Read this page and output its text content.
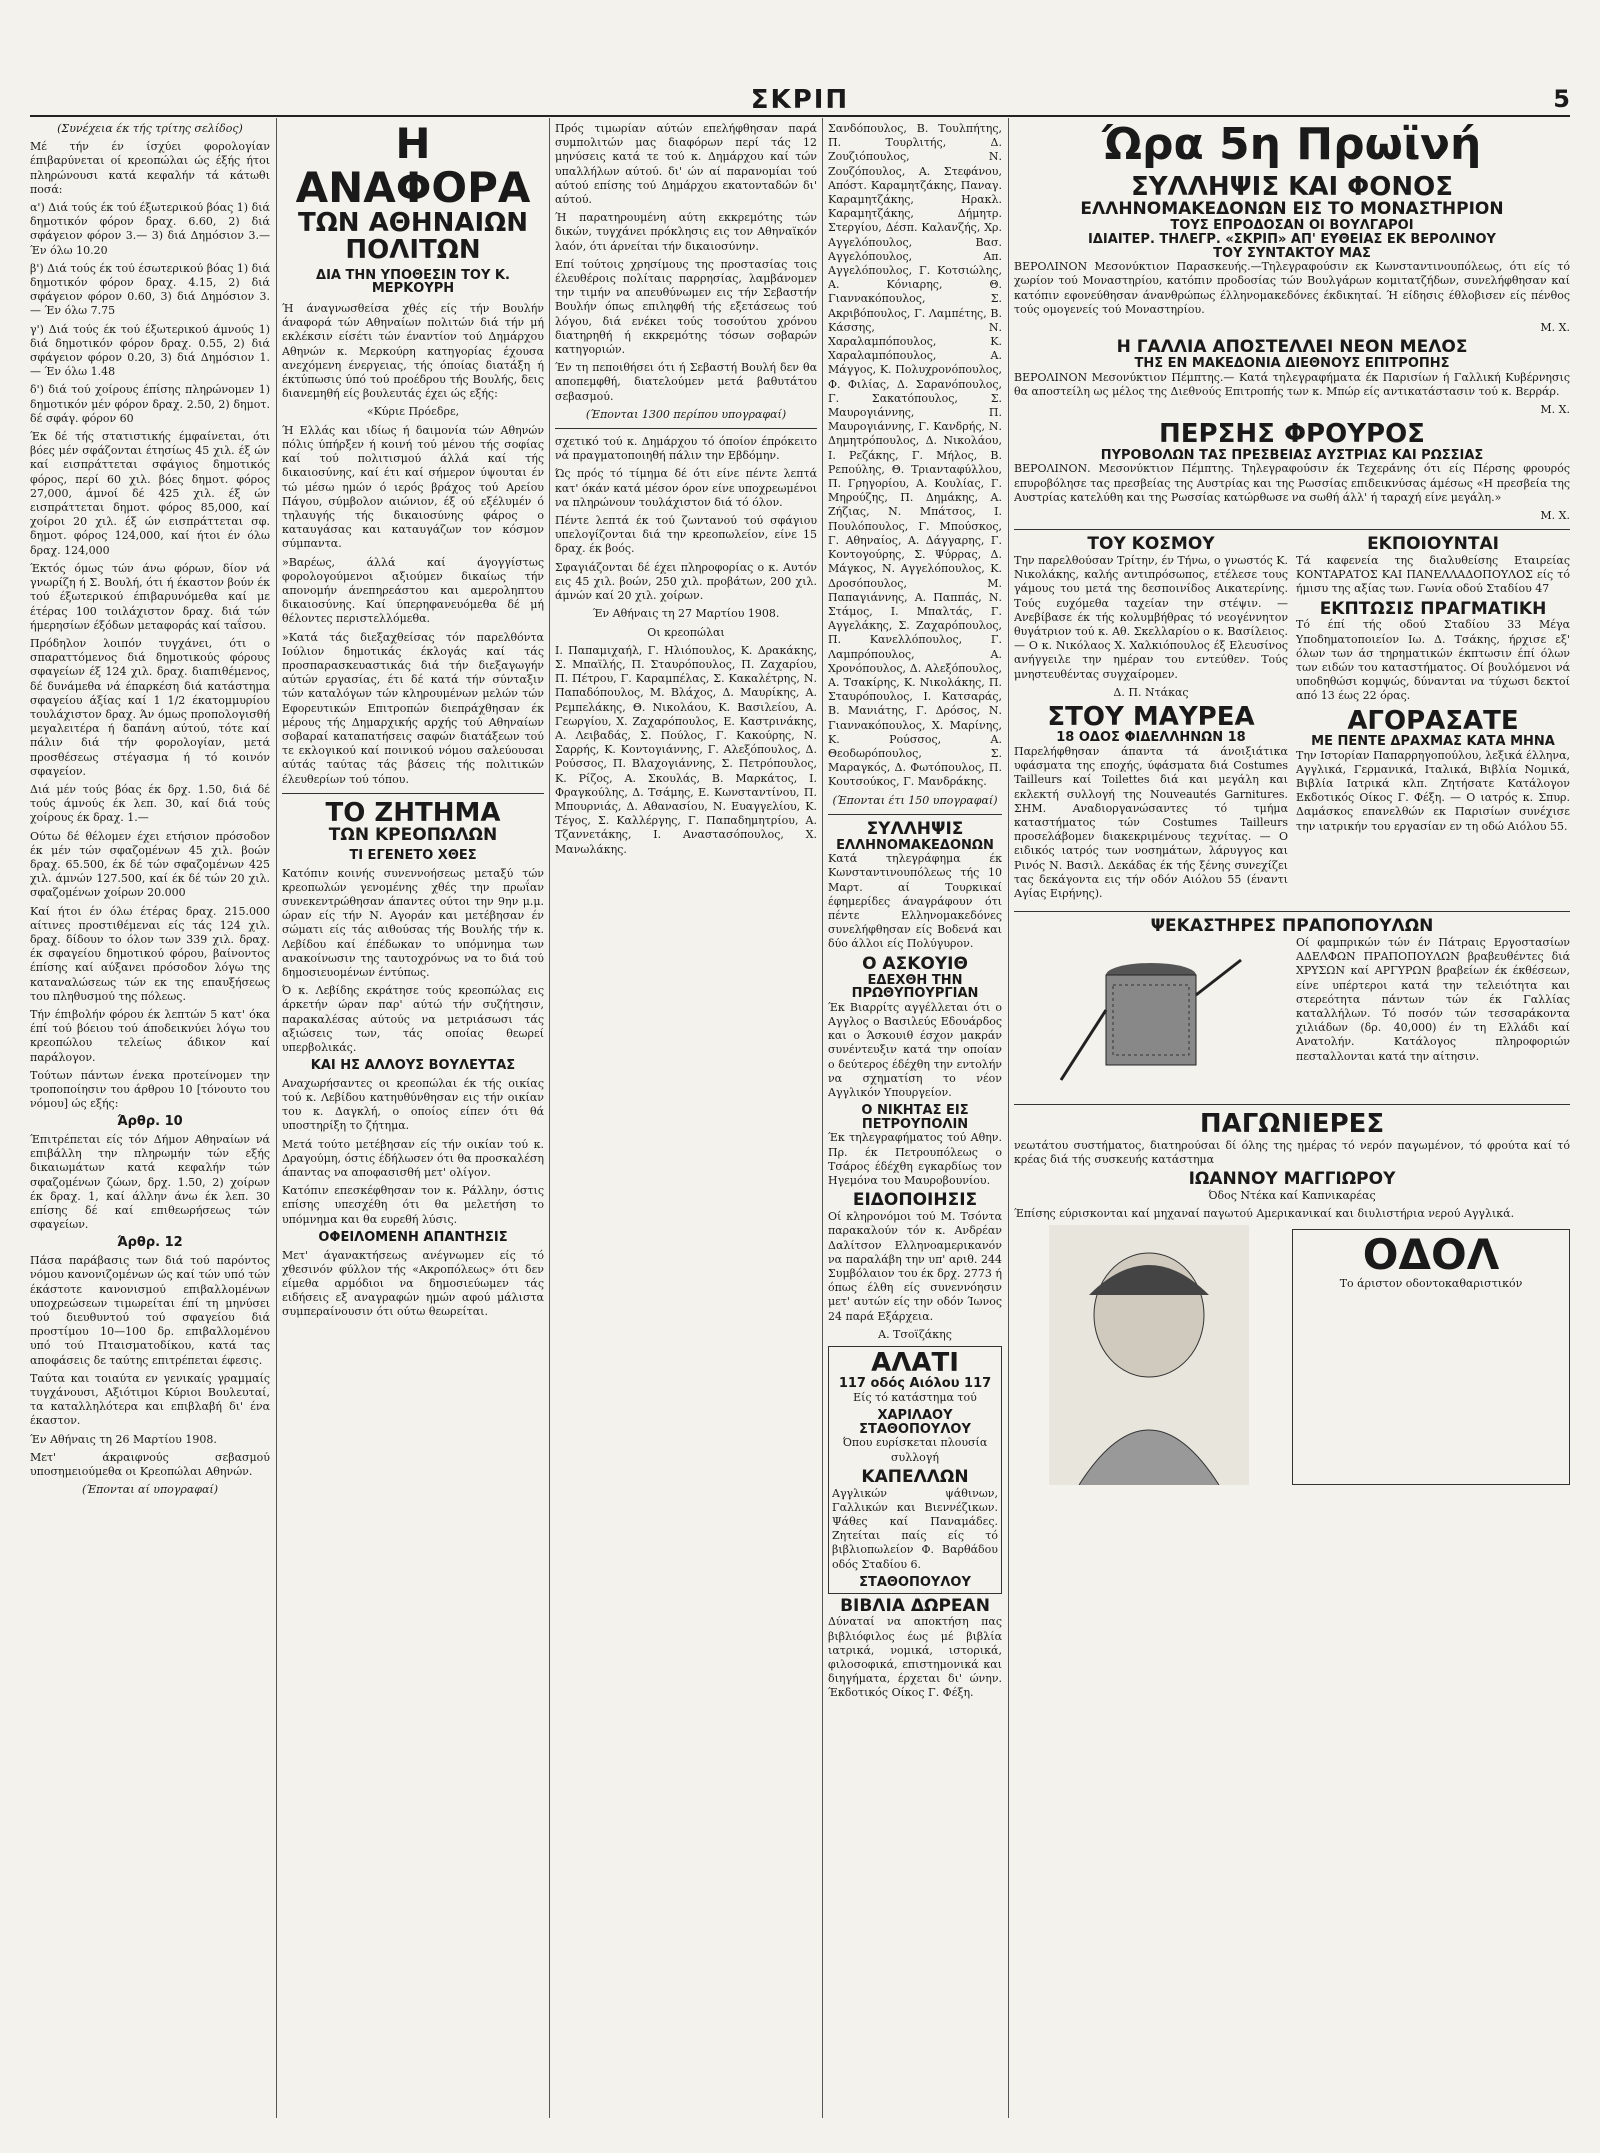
ΣΚΡΙΠ	5

(Συνέχεια έκ τής τρίτης σελίδος)

Μέ τήν έν ίσχύει φορολογίαν έπιβαρύνεται οί κρεοπώλαι ώς έξής ήτοι πληρώνουσι κατά κεφαλήν τά κάτωθι ποσά:

α') Διά τούς έκ τού έξωτερικού βόας 1) διά δημοτικόν φόρον δραχ. 6.60, 2) διά σφάγειον φόρον 3.— 3) διά Δημόσιον 3.— Έν όλω 10.20

β') Διά τούς έκ τού έσωτερικού βόας 1) διά δημοτικόν φόρον δραχ. 4.15, 2) διά σφάγειον φόρον 0.60, 3) διά Δημόσιον 3.— Έν όλω 7.75

γ') Διά τούς έκ τού έξωτερικού άμνούς 1) διά δημοτικόν φόρον δραχ. 0.55, 2) διά σφάγειον φόρον 0.20, 3) διά Δημόσιον 1.— Έν όλω 1.48

δ') διά τού χοίρους έπίσης πληρώνομεν 1) δημοτικόν μέν φόρον δραχ. 2.50, 2) δημοτ. δέ σφάγ. φόρον 60

Έκ δέ τής στατιστικής έμφαίνεται, ότι βόες μέν σφάζονται έτησίως 45 χιλ. έξ ών καί εισπράττεται σφάγιος δημοτικός φόρος, περί 60 χιλ. βόες δημοτ. φόρος 27,000, άμνοί δέ 425 χιλ. έξ ών εισπράττεται δημοτ. φόρος 85,000, καί χοίροι 20 χιλ. έξ ών εισπράττεται σφ. δημοτ. φόρος 124,000, καί ήτοι έν όλω δραχ. 124,000

Έκτός όμως τών άνω φόρων, δίον νά γνωρίζη ή Σ. Βουλή, ότι ή έκαστον βούν έκ τού έξωτερικού έπιβαρυνόμεθα καί με έτέρας 100 τοιλάχιστον δραχ. διά τών ήμερησίων έξόδων μεταφοράς καί ταΐσου.

Πρόδηλον λοιπόν τυγχάνει, ότι ο σπαραττόμενος διά δημοτικούς φόρους σφαγείων έξ 124 χιλ. δραχ. διαπιθέμενος, δέ δυνάμεθα νά έπαρκέση διά κατάστημα σφαγείου άξίας καί 1 1/2 έκατομμυρίου τουλάχιστον δραχ. Άν όμως προπολογισθή μεγαλειτέρα ή δαπάνη αύτού, τότε καί πάλιν διά τήν φορολογίαν, μετά προσθέσεως στέγασμα ή τό κοινόν σφαγείον.

Διά μέν τούς βόας έκ δρχ. 1.50, διά δέ τούς άμνούς έκ λεπ. 30, καί διά τούς χοίρους έκ δραχ. 1.—

Ούτω δέ θέλομεν έχει ετήσιον πρόσοδον έκ μέν τών σφαζομένων 45 χιλ. βοών δραχ. 65.500, έκ δέ τών σφαζομένων 425 χιλ. άμνών 127.500, καί έκ δέ τών 20 χιλ. σφαζομένων χοίρων 20.000

Καί ήτοι έν όλω έτέρας δραχ. 215.000 αίτινες προστιθέμεναι είς τάς 124 χιλ. δραχ. δίδουν το όλον των 339 χιλ. δραχ. έκ σφαγείου δημοτικού φόρου, βαίνοντος έπίσης καί αύξανει πρόσοδον λόγω της καταναλώσεως τών εκ της επαυξήσεως του πληθυσμού της πόλεως.

Τήν έπιβολήν φόρου έκ λεπτών 5 κατ' όκα έπί τού βόειου τού άποδεικνύει λόγω του κρεοπώλου τελείως άδικον καί παράλογον.

Τούτων πάντων ένεκα προτείνομεν την τροποποίησιν του άρθρου 10 [τόνουτο του νόμου] ώς εξής:

Άρθρ. 10

Έπιτρέπεται είς τόν Δήμον Αθηναίων νά επιβάλλη την πληρωμήν τών εξής δικαιωμάτων κατά κεφαλήν τών σφαζομένων ζώων, δρχ. 1.50, 2) χοίρων έκ δραχ. 1, καί άλλην άνω έκ λεπ. 30 επίσης δέ καί επιθεωρήσεως τών σφαγείων.

Άρθρ. 12

Πάσα παράβασις των διά τού παρόντος νόμου κανονιζομένων ώς καί τών υπό τών έκάστοτε κανονισμού επιβαλλομένων υποχρεώσεων τιμωρείται έπί τη μηνύσει τού διευθυντού τού σφαγείου διά προστίμου 10—100 δρ. επιβαλλομένου υπό τού Πταισματοδίκου, κατά τας αποφάσεις δε ταύτης επιτρέπεται έφεσις.

Ταύτα και τοιαύτα εν γενικαίς γραμμαίς τυγχάνουσι, Αξιότιμοι Κύριοι Βουλευταί, τα καταλληλότερα και επιβλαβή δι' ένα έκαστον.

Έν Αθήναις τη 26 Μαρτίου 1908.

Μετ' άκραιφνούς σεβασμού υποσημειούμεθα οι Κρεοπώλαι Αθηνών.

(Έπονται αί υπογραφαί)

Η ΑΝΑΦΟΡΑ
ΤΩΝ ΑΘΗΝΑΙΩΝ ΠΟΛΙΤΩΝ
ΔΙΑ ΤΗΝ ΥΠΟΘΕΣΙΝ ΤΟΥ Κ. ΜΕΡΚΟΥΡΗ

Ή άναγνωσθείσα χθές είς τήν Βουλήν άναφορά τών Αθηναίων πολιτών διά τήν μή εκλέκσιν είσέτι τών έναντίον τού Δημάρχου Αθηνών κ. Μερκούρη κατηγορίας έχουσα ανεχόμενη ένεργειας, τής όποίας διατάξη ή έκτύπωσις ύπό τού προέδρου τής Βουλής, δεις διανεμηθή είς βουλευτάς έχει ώς εξής:

«Κύριε Πρόεδρε,

Ή Ελλάς και ιδίως ή δαιμονία τών Αθηνών πόλις ύπήρξεν ή κοινή τού μένου τής σοφίας καί τού πολιτισμού άλλά καί τής δικαιοσύνης, καί έτι καί σήμερον ύψουται έν τώ μέσω ημών ό ιερός βράχος τού Αρείου Πάγου, σύμβολον αιώνιον, έξ ού εξέλυμέν ό τηλαυγής τής δικαιοσύνης φάρος ο καταυγάσας και καταυγάζων τον κόσμον σύμπαντα.

»Βαρέως, άλλά καί άγογγίστως φορολογούμενοι αξιούμεν δικαίως τήν απονομήν άνεπηρεάστου και αμεροληπτου δικαιοσύνης. Καί ύπερηφανευόμεθα δέ μή θέλοντες περιστελλόμεθα.

»Κατά τάς διεξαχθείσας τόν παρελθόντα Ιούλιον δημοτικάς έκλογάς καί τάς προσπαρασκευαστικάς διά τήν διεξαγωγήν αύτών εργασίας, έτι δέ κατά τήν σύνταξιν τών καταλόγων τών κληρουμένων μελών τών Εφορευτικών Επιτροπών διεπράχθησαν έκ μέρους τής Δημαρχικής αρχής τού Αθηναίων σοβαραί καταπατήσεις σαφών διατάξεων τού τε εκλογικού καί ποινικού νόμου σαλεύουσαι αύτάς ταύτας τάς βάσεις τής πολιτικών έλευθερίων τού τόπου.

ΤΟ ΖΗΤΗΜΑ
ΤΩΝ ΚΡΕΟΠΩΛΩΝ
ΤΙ ΕΓΕΝΕΤΟ ΧΘΕΣ

Κατόπιν κοινής συνεννοήσεως μεταξύ τών κρεοπωλών γενομένης χθές την πρωΐαν συνεκεντρώθησαν άπαντες ούτοι την 9ην μ.μ. ώραν είς τήν Ν. Αγοράν και μετέβησαν έν σώματι είς τάς αιθούσας τής Βουλής τήν κ. Λεβίδου καί έπέδωκαν το υπόμνημα των ανακοίνωσιν της ταυτοχρόνως να το διά τού δημοσιευομένων έντύπως.

Ό κ. Λεβίδης εκράτησε τούς κρεοπώλας εις άρκετήν ώραν παρ' αύτώ τήν συζήτησιν, παρακαλέσας αύτούς να μετριάσωσι τάς αξιώσεις των, τάς οποίας θεωρεί υπερβολικάς.

ΚΑΙ ΗΣ ΑΛΛΟΥΣ ΒΟΥΛΕΥΤΑΣ

Αναχωρήσαντες οι κρεοπώλαι έκ τής οικίας τού κ. Λεβίδου κατηυθύνθησαν εις τήν οικίαν του κ. Δαγκλή, ο οποίος είπεν ότι θά υποστηρίξη το ζήτημα.

Μετά τούτο μετέβησαν είς τήν οικίαν τού κ. Δραγούμη, όστις έδήλωσεν ότι θα προσκαλέση άπαντας να αποφασισθή μετ' ολίγον.

Κατόπιν επεσκέφθησαν τον κ. Ράλλην, όστις επίσης υπεσχέθη ότι θα μελετήση το υπόμνημα και θα ευρεθή λύσις.

ΟΦΕΙΛΟΜΕΝΗ ΑΠΑΝΤΗΣΙΣ

Μετ' άγανακτήσεως ανέγνωμεν είς τό χθεσινόν φύλλον τής «Ακροπόλεως» ότι δεν είμεθα αρμόδιοι να δημοσιεύωμεν τάς ειδήσεις εξ αναγραφών ημών αφού μάλιστα συμπεραίνουσιν ότι ούτω θεωρείται.

Πρός τιμωρίαν αύτών επελήφθησαν παρά συμπολιτών μας διαφόρων περί τάς 12 μηνύσεις κατά τε τού κ. Δημάρχου καί τών υπαλλήλων αύτού. δι' ών αί παρανομίαι τού αύτού επίσης τού Δημάρχου εκατονταδών δι' αύτού.

Ή παρατηρουμένη αύτη εκκρεμότης τών δικών, τυγχάνει πρόκλησις εις τον Αθηναϊκόν λαόν, ότι άρνείται τήν δικαιοσύνην.

Επί τούτοις χρησίμους της προστασίας τοις έλευθέροις πολίταις παρρησίας, λαμβάνομεν την τιμήν να απευθύνωμεν εις τήν Σεβαστήν Βουλήν όπως επιληφθή τής εξετάσεως τού λόγου, διά ενέκει τούς τοσούτου χρόνου διατηρηθή ή εκκρεμότης τόσων σοβαρών κατηγοριών.

Έν τη πεποιθήσει ότι ή Σεβαστή Βουλή δεν θα αποπεμφθή, διατελούμεν μετά βαθυτάτου σεβασμού.

(Έπονται 1300 περίπου υπογραφαί)

σχετικό τού κ. Δημάρχου τό όποίον έπρόκειτο νά πραγματοποιηθή πάλιν την Εβδόμην.

Ώς πρός τό τίμημα δέ ότι είνε πέντε λεπτά κατ' όκάν κατά μέσον όρον είνε υποχρεωμένοι να πληρώνουν τουλάχιστον διά τό όλον.

Πέντε λεπτά έκ τού ζωντανού τού σφάγιου υπελογίζονται διά την κρεοπωλείον, είνε 15 δραχ. έκ βοός.

Σφαγιάζονται δέ έχει πληροφορίας ο κ. Αυτόν εις 45 χιλ. βοών, 250 χιλ. προβάτων, 200 χιλ. άμνών καί 20 χιλ. χοίρων.

Έν Αθήναις τη 27 Μαρτίου 1908.

Οι κρεοπώλαι

Ι. Παπαμιχαήλ, Γ. Ηλιόπουλος, Κ. Δρακάκης, Σ. Μπαϊλής, Π. Σταυρόπουλος, Π. Ζαχαρίου, Π. Πέτρου, Γ. Καραμπέλας, Σ. Κακαλέτρης, Ν. Παπαδόπουλος, Μ. Βλάχος, Δ. Μαυρίκης, Α. Ρεμπελάκης, Θ. Νικολάου, Κ. Βασιλείου, Α. Γεωργίου, Χ. Ζαχαρόπουλος, Ε. Καστρινάκης, Α. Λειβαδάς, Σ. Πούλος, Γ. Κακούρης, Ν. Σαρρής, Κ. Κοντογιάννης, Γ. Αλεξόπουλος, Δ. Ρούσσος, Π. Βλαχογιάννης, Σ. Πετρόπουλος, Κ. Ρίζος, Α. Σκουλάς, Β. Μαρκάτος, Ι. Φραγκούλης, Δ. Τσάμης, Ε. Κωνσταντίνου, Π. Μπουρνιάς, Δ. Αθανασίου, Ν. Ευαγγελίου, Κ. Τέγος, Σ. Καλλέργης, Γ. Παπαδημητρίου, Α. Τζαννετάκης, Ι. Αναστασόπουλος, Χ. Μανωλάκης.

Σανδόπουλος, Β. Τουλπήτης, Π. Τουρλιτής, Δ. Ζουζιόπουλος, Ν. Ζουζόπουλος, Α. Στεφάνου, Απόστ. Καραμητζάκης, Παναγ. Καραμητζάκης, Ηρακλ. Καραμητζάκης, Δήμητρ. Στεργίου, Δέσπ. Καλανζής, Χρ. Αγγελόπουλος, Βασ. Αγγελόπουλος, Απ. Αγγελόπουλος, Γ. Κοτσιώλης, Α. Κόνιαρης, Θ. Γιαννακόπουλος, Σ. Ακριβόπουλος, Γ. Λαμπέτης, Β. Κάσσης, Ν. Χαραλαμπόπουλος, Κ. Χαραλαμπόπουλος, Α. Μάγγος, Κ. Πολυχρονόπουλος, Φ. Φιλίας, Δ. Σαρανόπουλος, Γ. Σακατόπουλος, Σ. Μαυρογιάννης, Π. Μαυρογιάννης, Γ. Κανδρής, Ν. Δημητρόπουλος, Δ. Νικολάου, Ι. Ρεζάκης, Γ. Μήλος, Β. Ρεπούλης, Θ. Τριανταφύλλου, Π. Γρηγορίου, Α. Κουλίας, Γ. Μηρούζης, Π. Δημάκης, Α. Ζήζιας, Ν. Μπάτσος, Ι. Πουλόπουλος, Γ. Μπούσκος, Γ. Αθηναίος, Α. Δάγγαρης, Γ. Κοντογούρης, Σ. Ψύρρας, Δ. Μάγκος, Ν. Αγγελόπουλος, Κ. Δροσόπουλος, Μ. Παπαγιάννης, Α. Παππάς, Ν. Στάμος, Ι. Μπαλτάς, Γ. Αγγελάκης, Σ. Ζαχαρόπουλος, Π. Κανελλόπουλος, Γ. Λαμπρόπουλος, Α. Χρονόπουλος, Δ. Αλεξόπουλος, Α. Τσακίρης, Κ. Νικολάκης, Π. Σταυρόπουλος, Ι. Κατσαράς, Β. Μανιάτης, Γ. Δρόσος, Ν. Γιαννακόπουλος, Χ. Μαρίνης, Κ. Ρούσσος, Α. Θεοδωρόπουλος, Σ. Μαραγκός, Δ. Φωτόπουλος, Π. Κουτσούκος, Γ. Μανδράκης.

(Έπονται έτι 150 υπογραφαί)

ΣΥΛΛΗΨΙΣ
ΕΛΛΗΝΟΜΑΚΕΔΟΝΩΝ

Κατά τηλεγράφημα έκ Κωνσταντινουπόλεως τής 10 Μαρτ. αί Τουρκικαί έφημερίδες άναγράφουν ότι πέντε Ελληνομακεδόνες συνελήφθησαν είς Βοδενά και δύο άλλοι είς Πολύγυρον.

Ο ΑΣΚΟΥΙΘ
ΕΔΕΧΘΗ ΤΗΝ ΠΡΩΘΥΠΟΥΡΓΙΑΝ

Έκ Βιαρρίτς αγγέλλεται ότι ο Αγγλος ο Βασιλεύς Εδουάρδος και ο Άσκουιθ έσχον μακράν συνέντευξιν κατά την οποίαν ο δεύτερος έδέχθη την εντολήν να σχηματίση το νέον Αγγλικόν Υπουργείον.

Ο ΝΙΚΗΤΑΣ ΕΙΣ ΠΕΤΡΟΥΠΟΛΙΝ

Έκ τηλεγραφήματος τού Αθην. Πρ. έκ Πετρουπόλεως ο Τσάρος έδέχθη εγκαρδίως τον Ηγεμόνα του Μαυροβουνίου.

ΕΙΔΟΠΟΙΗΣΙΣ

Οί κληρονόμοι τού Μ. Τσόντα παρακαλούν τόν κ. Ανδρέαν Δαλίτσον Ελληνοαμερικανόν να παραλάβη την υπ' αριθ. 244 Συμβόλαιον του έκ δρχ. 2773 ή όπως έλθη είς συνεννόησιν μετ' αυτών είς την οδόν Ίωνος 24 παρά Εξάρχεια.

Α. Τσοϊζάκης

ΑΛΑΤΙ
117 οδός Αιόλου 117

Είς τό κατάστημα τού

ΧΑΡΙΛΑΟΥ ΣΤΑΘΟΠΟΥΛΟΥ

Όπου ευρίσκεται πλουσία συλλογή

ΚΑΠΕΛΛΩΝ

Αγγλικών ψάθινων, Γαλλικών και Βιεννέζικων. Ψάθες καί Παναμάδες. Ζητείται παίς είς τό βιβλιοπωλείον Φ. Βαρθάδου οδός Σταδίου 6.

ΣΤΑΘΟΠΟΥΛΟΥ
ΒΙΒΛΙΑ ΔΩΡΕΑΝ

Δύναταί να αποκτήση πας βιβλιόφιλος έως μέ βιβλία ιατρικά, νομικά, ιστορικά, φιλοσοφικά, επιστημονικά και διηγήματα, έρχεται δι' ώνην. Έκδοτικός Οίκος Γ. Φέξη.

Ώρα 5η Πρωϊνή
ΣΥΛΛΗΨΙΣ ΚΑΙ ΦΟΝΟΣ
ΕΛΛΗΝΟΜΑΚΕΔΟΝΩΝ ΕΙΣ ΤΟ ΜΟΝΑΣΤΗΡΙΟΝ
ΤΟΥΣ ΕΠΡΟΔΟΣΑΝ ΟΙ ΒΟΥΛΓΑΡΟΙ
ΙΔΙΑΙΤΕΡ. ΤΗΛΕΓΡ. «ΣΚΡΙΠ» ΑΠ' ΕΥΘΕΙΑΣ ΕΚ ΒΕΡΟΛΙΝΟΥ
ΤΟΥ ΣΥΝΤΑΚΤΟΥ ΜΑΣ

ΒΕΡΟΛΙΝΟΝ Μεσονύκτιον Παρασκευής.—Τηλεγραφούσιν εκ Κωνσταντινουπόλεως, ότι είς τό χωρίον τού Μοναστηρίου, κατόπιν προδοσίας τών Βουλγάρων κομιτατζήδων, συνελήφθησαν καί κατόπιν εφονεύθησαν άνανθρώπως έλληνομακεδόνες έκδικηταί. Ή είδησις έθλοβισεν είς πένθος τούς ομογενείς τού Μοναστηρίου.

Μ. Χ.

Η ΓΑΛΛΙΑ ΑΠΟΣΤΕΛΛΕΙ ΝΕΟΝ ΜΕΛΟΣ
ΤΗΣ ΕΝ ΜΑΚΕΔΟΝΙΑ ΔΙΕΘΝΟΥΣ ΕΠΙΤΡΟΠΗΣ

ΒΕΡΟΛΙΝΟΝ Μεσονύκτιον Πέμπτης.— Κατά τηλεγραφήματα έκ Παρισίων ή Γαλλική Κυβέρνησις θα αποστείλη ως μέλος της Διεθνούς Επιτροπής των κ. Μπώρ είς αντικατάστασιν τού κ. Βερράρ.

Μ. Χ.

ΠΕΡΣΗΣ ΦΡΟΥΡΟΣ
ΠΥΡΟΒΟΛΩΝ ΤΑΣ ΠΡΕΣΒΕΙΑΣ ΑΥΣΤΡΙΑΣ ΚΑΙ ΡΩΣΣΙΑΣ

ΒΕΡΟΛΙΝΟΝ. Μεσονύκτιον Πέμπτης. Τηλεγραφούσιν έκ Τεχεράνης ότι είς Πέρσης φρουρός επυροβόλησε τας πρεσβείας της Αυστρίας και της Ρωσσίας επιδεικνύσας άμέσως «Η πρεσβεία της Αυστρίας κατελύθη και της Ρωσσίας κατώρθωσε να σωθή άλλ' ή ταραχή είνε μεγάλη.»

Μ. Χ.

ΤΟΥ ΚΟΣΜΟΥ

Την παρελθούσαν Τρίτην, έν Τήνω, ο γνωστός Κ. Νικολάκης, καλής αντιπρόσωπος, ετέλεσε τους γάμους του μετά της δεσποινίδος Αικατερίνης. Τούς ευχόμεθα ταχείαν την στέψιν. — Ανεβίβασε έκ τής κολυμβήθρας τό νεογέννητον θυγάτριον τού κ. Αθ. Σκελλαρίου ο κ. Βασίλειος. — Ο κ. Νικόλαος Χ. Χαλκιόπουλος έξ Ελευσίνος ανήγγειλε την ημέραν του εντεύθεν. Τούς μνηστευθέντας συγχαίρομεν.

Δ. Π. Ντάκας

ΣΤΟΥ ΜΑΥΡΕΑ
18 ΟΔΟΣ ΦΙΔΕΛΛΗΝΩΝ 18

Παρελήφθησαν άπαντα τά άνοιξιάτικα υφάσματα της εποχής, ύφάσματα διά Costumes Tailleurs καί Toilettes διά και μεγάλη και εκλεκτή συλλογή της Nouveautés Garnitures. ΣΗΜ. Αναδιοργανώσαντες τό τμήμα καταστήματος τών Costumes Tailleurs προσελάβομεν διακεκριμένους τεχνίτας. — Ο ειδικός ιατρός των νοσημάτων, λάρυγγος και Ρινός Ν. Βασιλ. Δεκάδας έκ τής ξένης συνεχίζει τας δεκάγοντα εις τήν οδόν Αιόλου 55 (έναντι Αγίας Ειρήνης).

ΕΚΠΟΙΟΥΝΤΑΙ

Τά καφενεία της διαλυθείσης Εταιρείας ΚΟΝΤΑΡΑΤΟΣ ΚΑΙ ΠΑΝΕΛΛΑΔΟΠΟΥΛΟΣ είς τό ήμισυ της αξίας των. Γωνία οδού Σταδίου 47

ΕΚΠΤΩΣΙΣ ΠΡΑΓΜΑΤΙΚΗ

Τό έπί τής οδού Σταδίου 33 Μέγα Υποδηματοποιείον Ιω. Δ. Τσάκης, ήρχισε εξ' όλων των άσ τηρηματικών έκπτωσιν έπί όλων των ειδών του καταστήματος. Οί βουλόμενοι νά υποδηθώσι κομψώς, δύνανται να τύχωσι δεκτοί από 13 έως 22 όρας.

ΑΓΟΡΑΣΑΤΕ
ΜΕ ΠΕΝΤΕ ΔΡΑΧΜΑΣ ΚΑΤΑ ΜΗΝΑ

Την Ιστορίαν Παπαρρηγοπούλου, λεξικά έλληνα, Αγγλικά, Γερμανικά, Ιταλικά, Βιβλία Νομικά, Βιβλία Ιατρικά κλπ. Ζητήσατε Κατάλογον Εκδοτικός Οίκος Γ. Φέξη. — Ο ιατρός κ. Σπυρ. Δαμάσκος επανελθών εκ Παρισίων συνέχισε την ιατρικήν του εργασίαν εν τη οδώ Αιόλου 55.

ΨΕΚΑΣΤΗΡΕΣ ΠΡΑΠΟΠΟΥΛΩΝ

Οί φαμπρικών τών έν Πάτραις Εργοστασίων ΑΔΕΛΦΩΝ ΠΡΑΠΟΠΟΥΛΩΝ βραβευθέντες διά ΧΡΥΣΩΝ καί ΑΡΓΥΡΩΝ βραβείων έκ έκθέσεων, είνε υπέρτεροι κατά την τελειότητα και στερεότητα πάντων τών έκ Γαλλίας καταλλήλων. Τό ποσόν τών τεσσαράκοντα χιλιάδων (δρ. 40,000) έν τη Ελλάδι καί Ανατολήν. Κατάλογος πληροφοριών πεσταλλονται κατά την αίτησιν.

ΠΑΓΩΝΙΕΡΕΣ

νεωτάτου συστήματος, διατηρούσαι δί όλης της ημέρας τό νερόν παγωμένον, τό φρούτα καί τό κρέας διά τής συσκευής κατάστημα

ΙΩΑΝΝΟΥ ΜΑΓΓΙΩΡΟΥ

Όδος Ντέκα καί Καπνικαρέας

Έπίσης εύρισκονται καί μηχαναί παγωτού Αμερικανικαί και διυλιστήρια νερού Αγγλικά.

ΟΔΟΛ

Το άριστον οδοντοκαθαριστικόν
